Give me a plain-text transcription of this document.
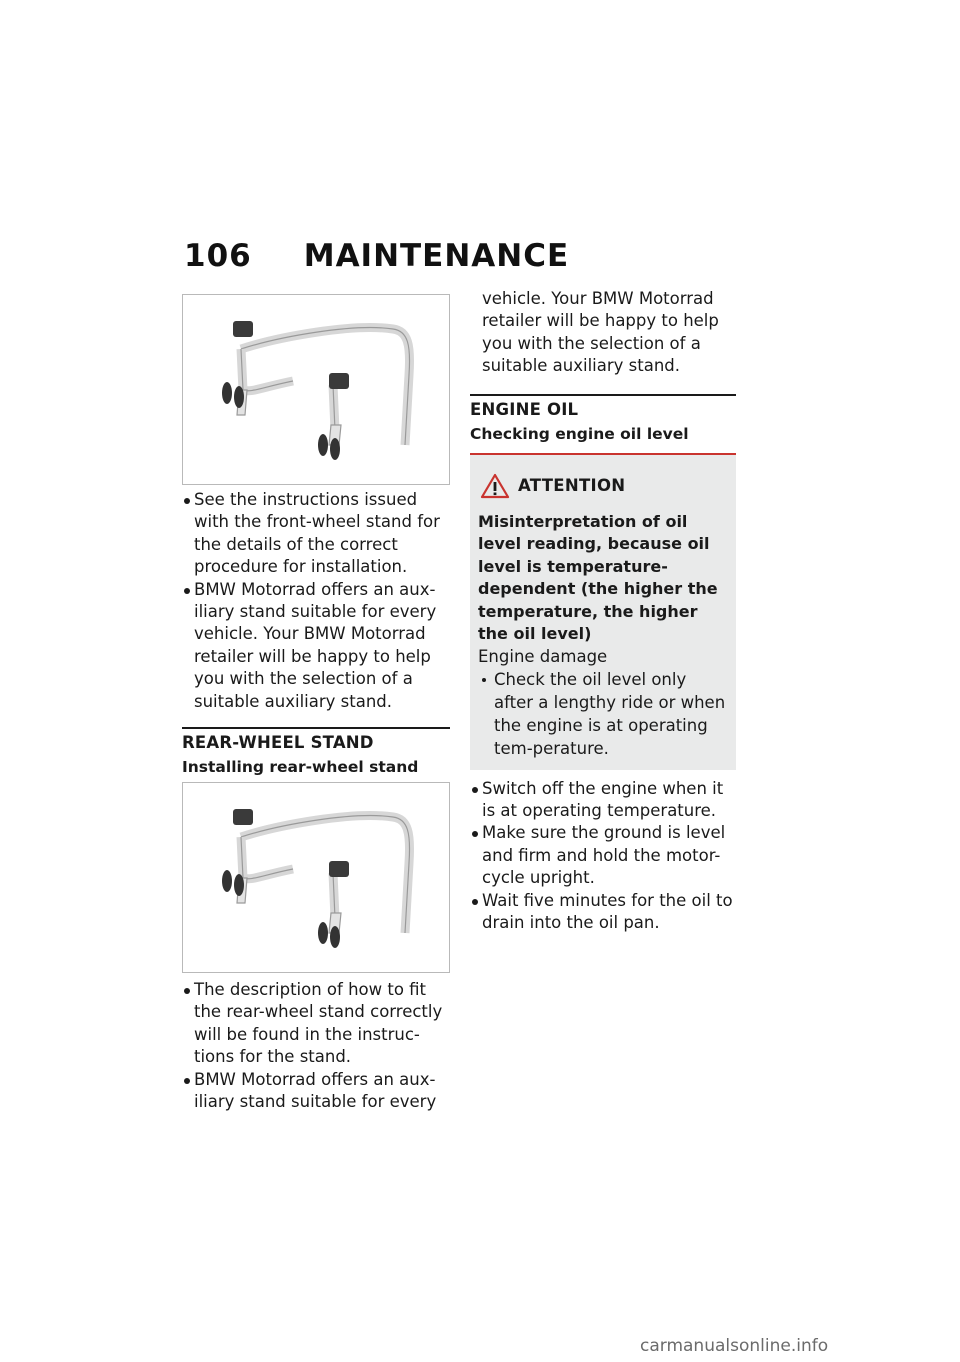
106 MAINTENANCE
See the instructions issued with the front-wheel stand for the details of the correct procedure for installation.
BMW Motorrad offers an aux-iliary stand suitable for every vehicle. Your BMW Motorrad retailer will be happy to help you with the selection of a suitable auxiliary stand.

REAR-WHEEL STAND

Installing rear-wheel stand

The description of how to fit the rear-wheel stand correctly will be found in the instruc-tions for the stand.
BMW Motorrad offers an aux-iliary stand suitable for every
vehicle. Your BMW Motorrad retailer will be happy to help you with the selection of a suitable auxiliary stand.

ENGINE OIL

Checking engine oil level

ATTENTION
Misinterpretation of oil level reading, because oil level is temperature-dependent (the higher the temperature, the higher the oil level)
Engine damage
Check the oil level only after a lengthy ride or when the engine is at operating tem-perature.
Switch off the engine when it is at operating temperature.
Make sure the ground is level and firm and hold the motor-cycle upright.
Wait five minutes for the oil to drain into the oil pan.
carmanualsonline.info
